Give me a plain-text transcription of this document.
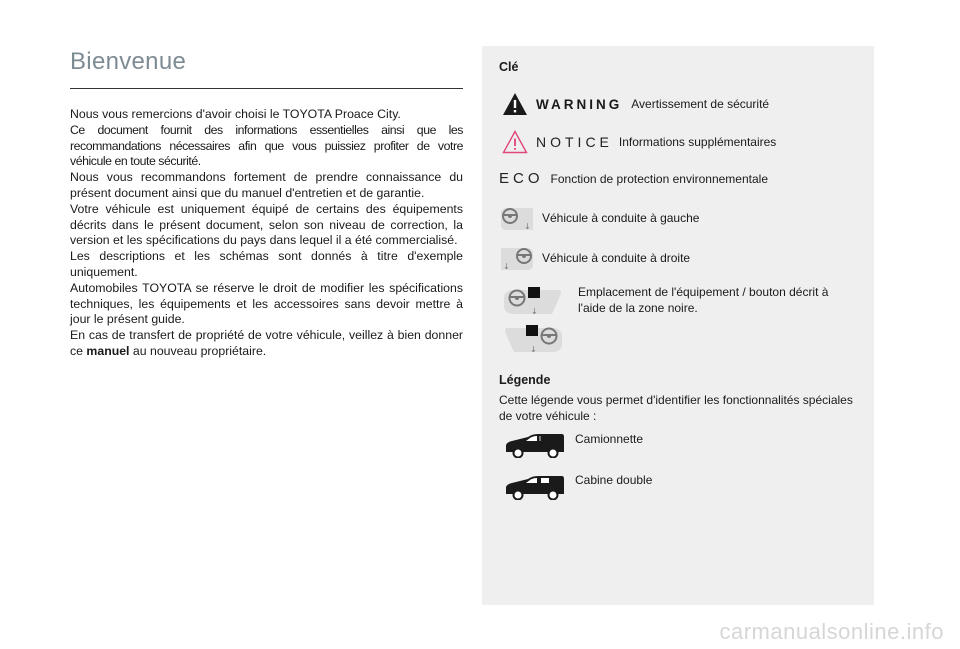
Bienvenue

Nous vous remercions d'avoir choisi le TOYOTA Proace City.

Ce document fournit des informations essentielles ainsi que les recommandations nécessaires afin que vous puissiez profiter de votre véhicule en toute sécurité.

Nous vous recommandons fortement de prendre connaissance du présent document ainsi que du manuel d'entretien et de garantie.

Votre véhicule est uniquement équipé de certains des équipements décrits dans le présent document, selon son niveau de correction, la version et les spécifications du pays dans lequel il a été commercialisé.

Les descriptions et les schémas sont donnés à titre d'exemple uniquement.

Automobiles TOYOTA se réserve le droit de modifier les spécifications techniques, les équipements et les accessoires sans devoir mettre à jour le présent guide.

En cas de transfert de propriété de votre véhicule, veillez à bien donner ce manuel au nouveau propriétaire.

Clé
WARNING Avertissement de sécurité
NOTICE Informations supplémentaires
ECO Fonction de protection environnementale
↓
Véhicule à conduite à gauche
↓
Véhicule à conduite à droite
↓
↓
Emplacement de l'équipement / bouton décrit à l'aide de la zone noire.
Légende
Cette légende vous permet d'identifier les fonctionnalités spéciales de votre véhicule :
Camionnette
Cabine double
carmanualsonline.info
